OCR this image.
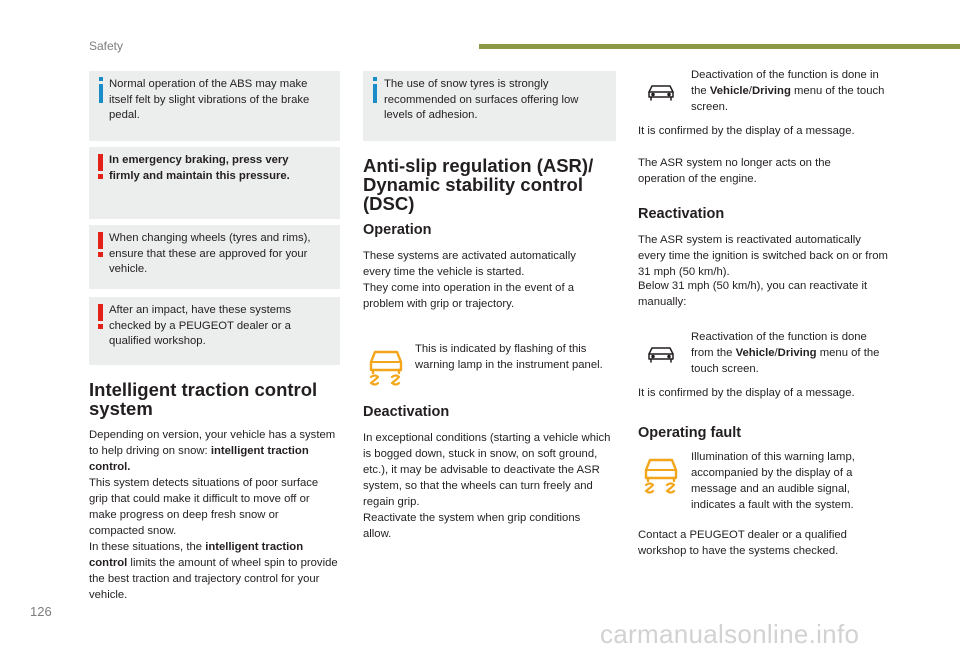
Safety

Normal operation of the ABS may make itself felt by slight vibrations of the brake pedal.

In emergency braking, press very firmly and maintain this pressure.

When changing wheels (tyres and rims), ensure that these are approved for your vehicle.

After an impact, have these systems checked by a PEUGEOT dealer or a qualified workshop.

Intelligent traction control system
Depending on version, your vehicle has a system to help driving on snow: intelligent traction control.
This system detects situations of poor surface grip that could make it difficult to move off or make progress on deep fresh snow or compacted snow.
In these situations, the intelligent traction control limits the amount of wheel spin to provide the best traction and trajectory control for your vehicle.

The use of snow tyres is strongly recommended on surfaces offering low levels of adhesion.

Anti-slip regulation (ASR)/ Dynamic stability control (DSC)
Operation
These systems are activated automatically every time the vehicle is started.
They come into operation in the event of a problem with grip or trajectory.
This is indicated by flashing of this warning lamp in the instrument panel.
Deactivation
In exceptional conditions (starting a vehicle which is bogged down, stuck in snow, on soft ground, etc.), it may be advisable to deactivate the ASR system, so that the wheels can turn freely and regain grip.
Reactivate the system when grip conditions allow.
Deactivation of the function is done in the Vehicle/Driving menu of the touch screen.
It is confirmed by the display of a message.
The ASR system no longer acts on the operation of the engine.
Reactivation
The ASR system is reactivated automatically every time the ignition is switched back on or from 31 mph (50 km/h).
Below 31 mph (50 km/h), you can reactivate it manually:
Reactivation of the function is done from the Vehicle/Driving menu of the touch screen.
It is confirmed by the display of a message.
Operating fault
Illumination of this warning lamp, accompanied by the display of a message and an audible signal, indicates a fault with the system.
Contact a PEUGEOT dealer or a qualified workshop to have the systems checked.
126
carmanualsonline.info
